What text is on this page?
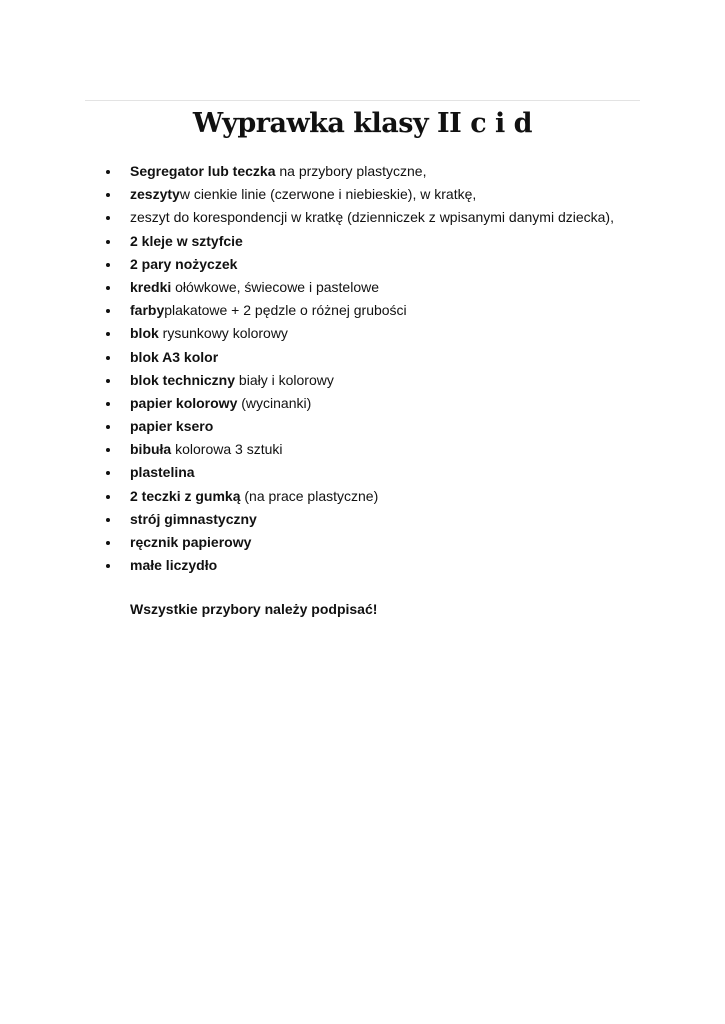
Wyprawka klasy II c i d
Segregator lub teczka na przybory plastyczne,
zeszytyw cienkie linie (czerwone i niebieskie), w kratkę,
zeszyt do korespondencji w kratkę (dzienniczek z wpisanymi danymi dziecka),
2 kleje w sztyfcie
2 pary nożyczek
kredki ołówkowe, świecowe i pastelowe
farbyplakatowe + 2 pędzle o różnej grubości
blok rysunkowy kolorowy
blok A3 kolor
blok techniczny biały i kolorowy
papier kolorowy (wycinanki)
papier ksero
bibuła kolorowa 3 sztuki
plastelina
2 teczki z gumką (na prace plastyczne)
strój gimnastyczny
ręcznik papierowy
małe liczydło

Wszystkie przybory należy podpisać!
